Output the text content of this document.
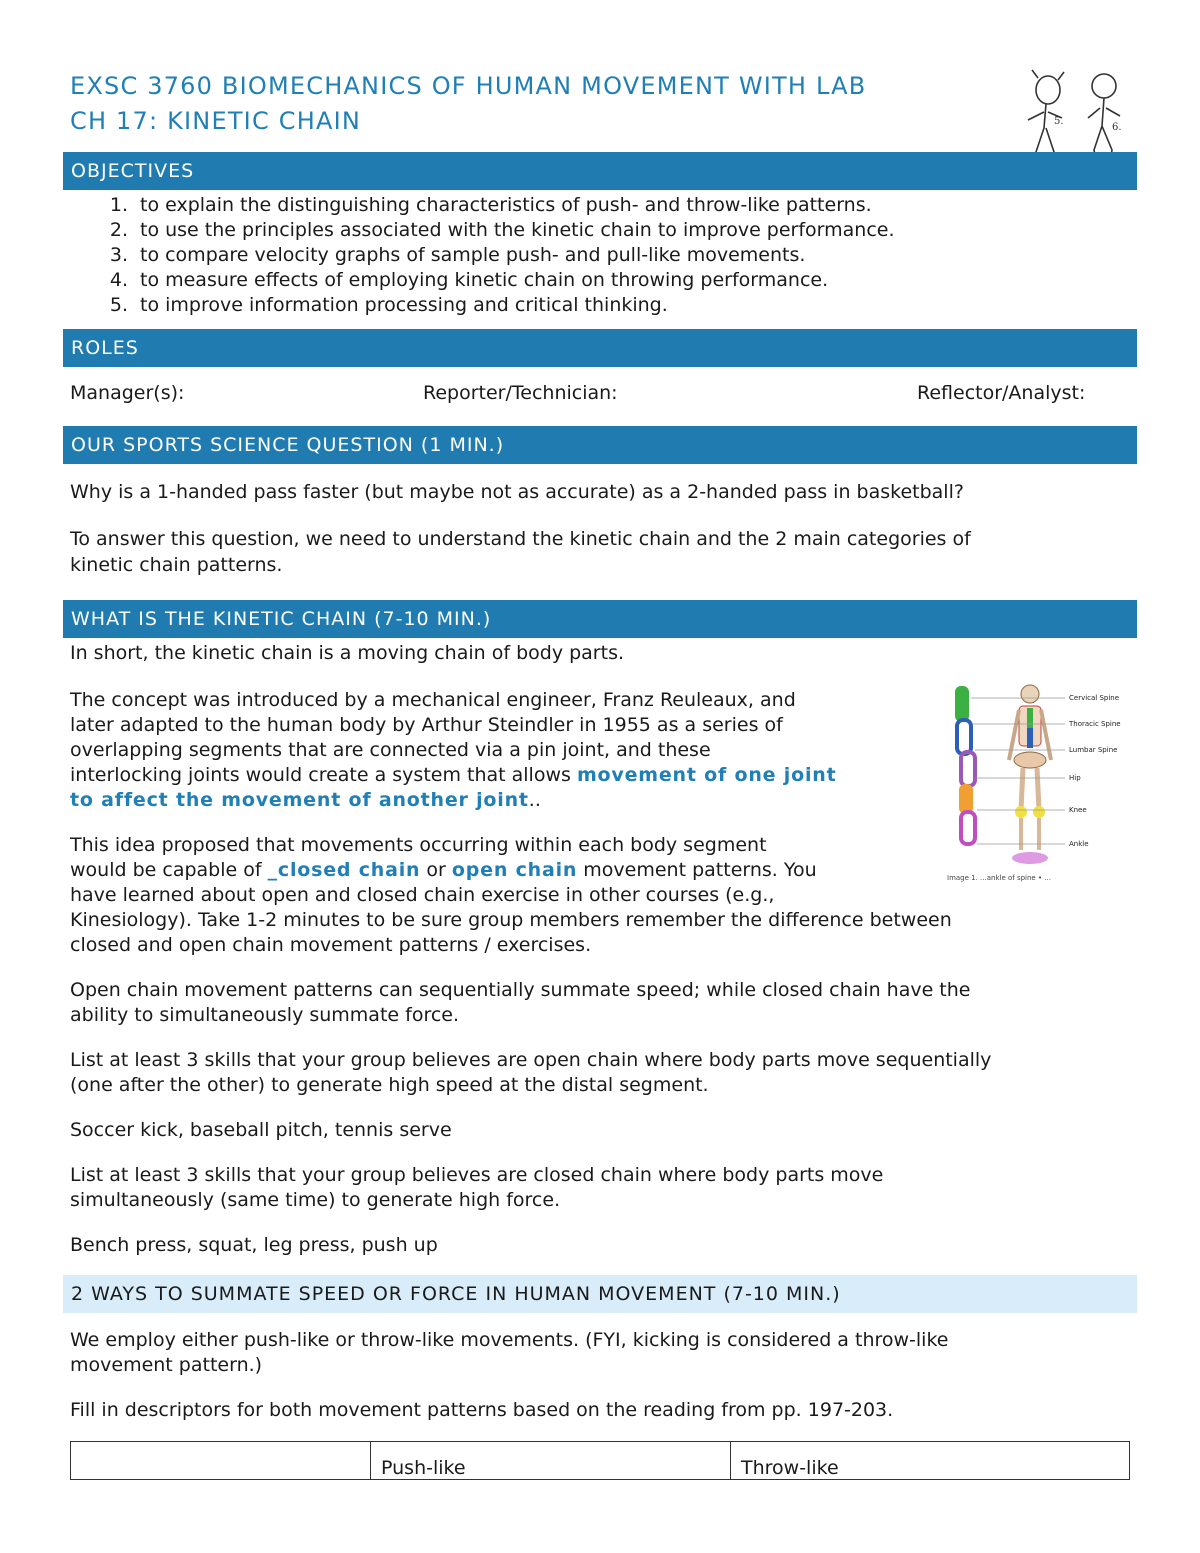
EXSC 3760 BIOMECHANICS OF HUMAN MOVEMENT WITH LAB
CH 17: KINETIC CHAIN	5.
6.
OBJECTIVES
1. to explain the distinguishing characteristics of push- and throw-like patterns.
2. to use the principles associated with the kinetic chain to improve performance.
3. to compare velocity graphs of sample push- and pull-like movements.
4. to measure effects of employing kinetic chain on throwing performance.
5. to improve information processing and critical thinking.
ROLES
Manager(s):	Reporter/Technician:	Reflector/Analyst:
OUR SPORTS SCIENCE QUESTION (1 MIN.)
Why is a 1-handed pass faster (but maybe not as accurate) as a 2-handed pass in basketball?
To answer this question, we need to understand the kinetic chain and the 2 main categories of
kinetic chain patterns.
WHAT IS THE KINETIC CHAIN (7-10 MIN.)
In short, the kinetic chain is a moving chain of body parts.
The concept was introduced by a mechanical engineer, Franz Reuleaux, and
later adapted to the human body by Arthur Steindler in 1955 as a series of
overlapping segments that are connected via a pin joint, and these
interlocking joints would create a system that allows movement of one joint
to affect the movement of another joint..
This idea proposed that movements occurring within each body segment
would be capable of _closed chain or open chain movement patterns. You
have learned about open and closed chain exercise in other courses (e.g.,
Kinesiology). Take 1-2 minutes to be sure group members remember the difference between
closed and open chain movement patterns / exercises.
Cervical Spine
Thoracic Spine
Lumbar Spine
Hip
Knee
Ankle
Image 1. ...ankle of spine • ...
Open chain movement patterns can sequentially summate speed; while closed chain have the
ability to simultaneously summate force.
List at least 3 skills that your group believes are open chain where body parts move sequentially
(one after the other) to generate high speed at the distal segment.
Soccer kick, baseball pitch, tennis serve
List at least 3 skills that your group believes are closed chain where body parts move
simultaneously (same time) to generate high force.
Bench press, squat, leg press, push up
2 WAYS TO SUMMATE SPEED OR FORCE IN HUMAN MOVEMENT (7-10 MIN.)
We employ either push-like or throw-like movements. (FYI, kicking is considered a throw-like
movement pattern.)
Fill in descriptors for both movement patterns based on the reading from pp. 197-203.
	Push-like	Throw-like
